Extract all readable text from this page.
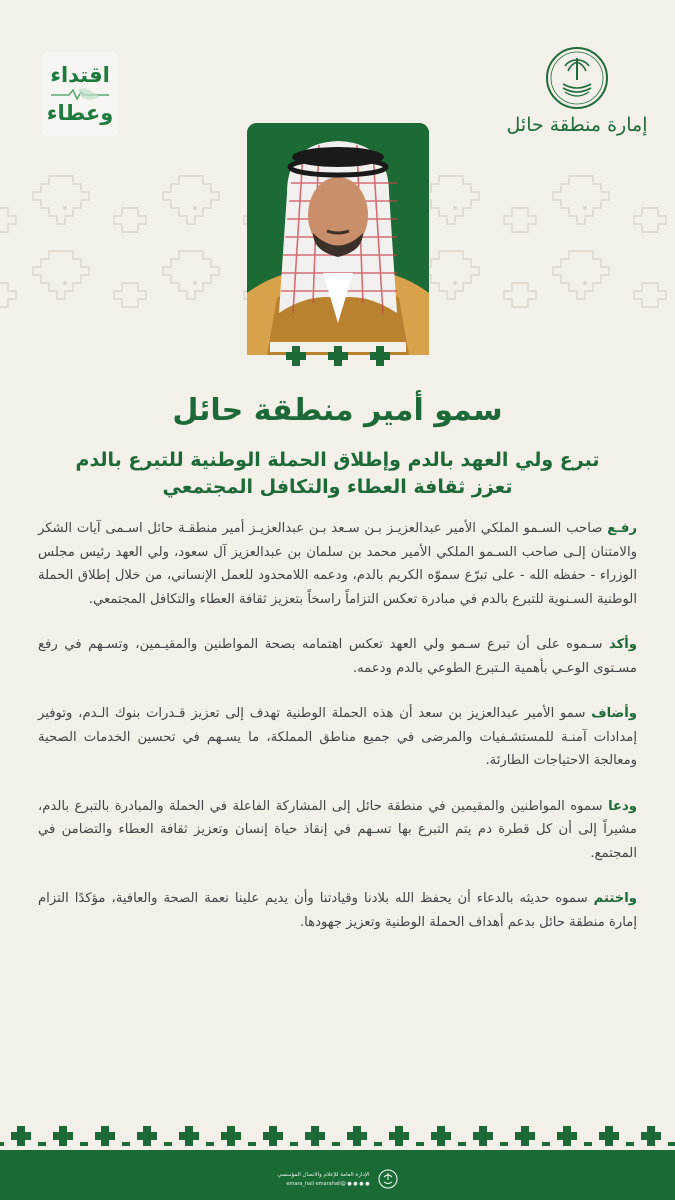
اقتداء
وعطاء	إمارة منطقة حائل
سمو أمير منطقة حائل
تبرع ولي العهد بالدم وإطلاق الحملة الوطنية للتبرع بالدم
تعزز ثقافة العطاء والتكافل المجتمعي

رفـع صاحب السـمو الملكي الأمير عبدالعزيـز بـن سـعد بـن عبدالعزيـز أمير منطقـة حائل اسـمى آيات الشكر والامتنان إلـى صاحب السـمو الملكي الأمير محمد بن سلمان بن عبدالعزيز آل سعود، ولي العهد رئيس مجلس الوزراء - حفظه الله - على تبرّع سموّه الكريم بالدم، ودعمه اللامحدود للعمل الإنساني، من خلال إطلاق الحملة الوطنية السـنوية للتبرع بالدم في مبادرة تعكس التزاماً راسخاً بتعزيز ثقافة العطاء والتكافل المجتمعي.

وأكد سـموه على أن تبرع سـمو ولي العهد تعكس اهتمامه بصحة المواطنين والمقيـمين، وتسـهم في رفع مسـتوى الوعـي بأهمية الـتبرع الطوعي بالدم ودعمه.

وأضاف سمو الأمير عبدالعزيز بن سعد أن هذه الحملة الوطنية تهدف إلى تعزيز قـدرات بنوك الـدم، وتوفير إمدادات آمنـة للمستشـفيات والمرضى في جميع مناطق المملكة، ما يسـهم في تحسين الخدمات الصحية ومعالجة الاحتياجات الطارئة.

ودعا سموه المواطنين والمقيمين في منطقة حائل إلى المشاركة الفاعلة في الحملة والمبادرة بالتبرع بالدم، مشيراً إلى أن كل قطرة دم يتم التبرع بها تسـهم في إنقاذ حياة إنسان وتعزيز ثقافة العطاء والتضامن في المجتمع.

واختتم سموه حديثه بالدعاء أن يحفظ الله بلادنا وقيادتنا وأن يديم علينا نعمة الصحة والعافية، مؤكدًا التزام إمارة منطقة حائل بدعم أهداف الحملة الوطنية وتعزيز جهودها.

الإدارة العامة للإعلام والاتصال المؤسسي
● ● ● ● @emara_hail emarahail
